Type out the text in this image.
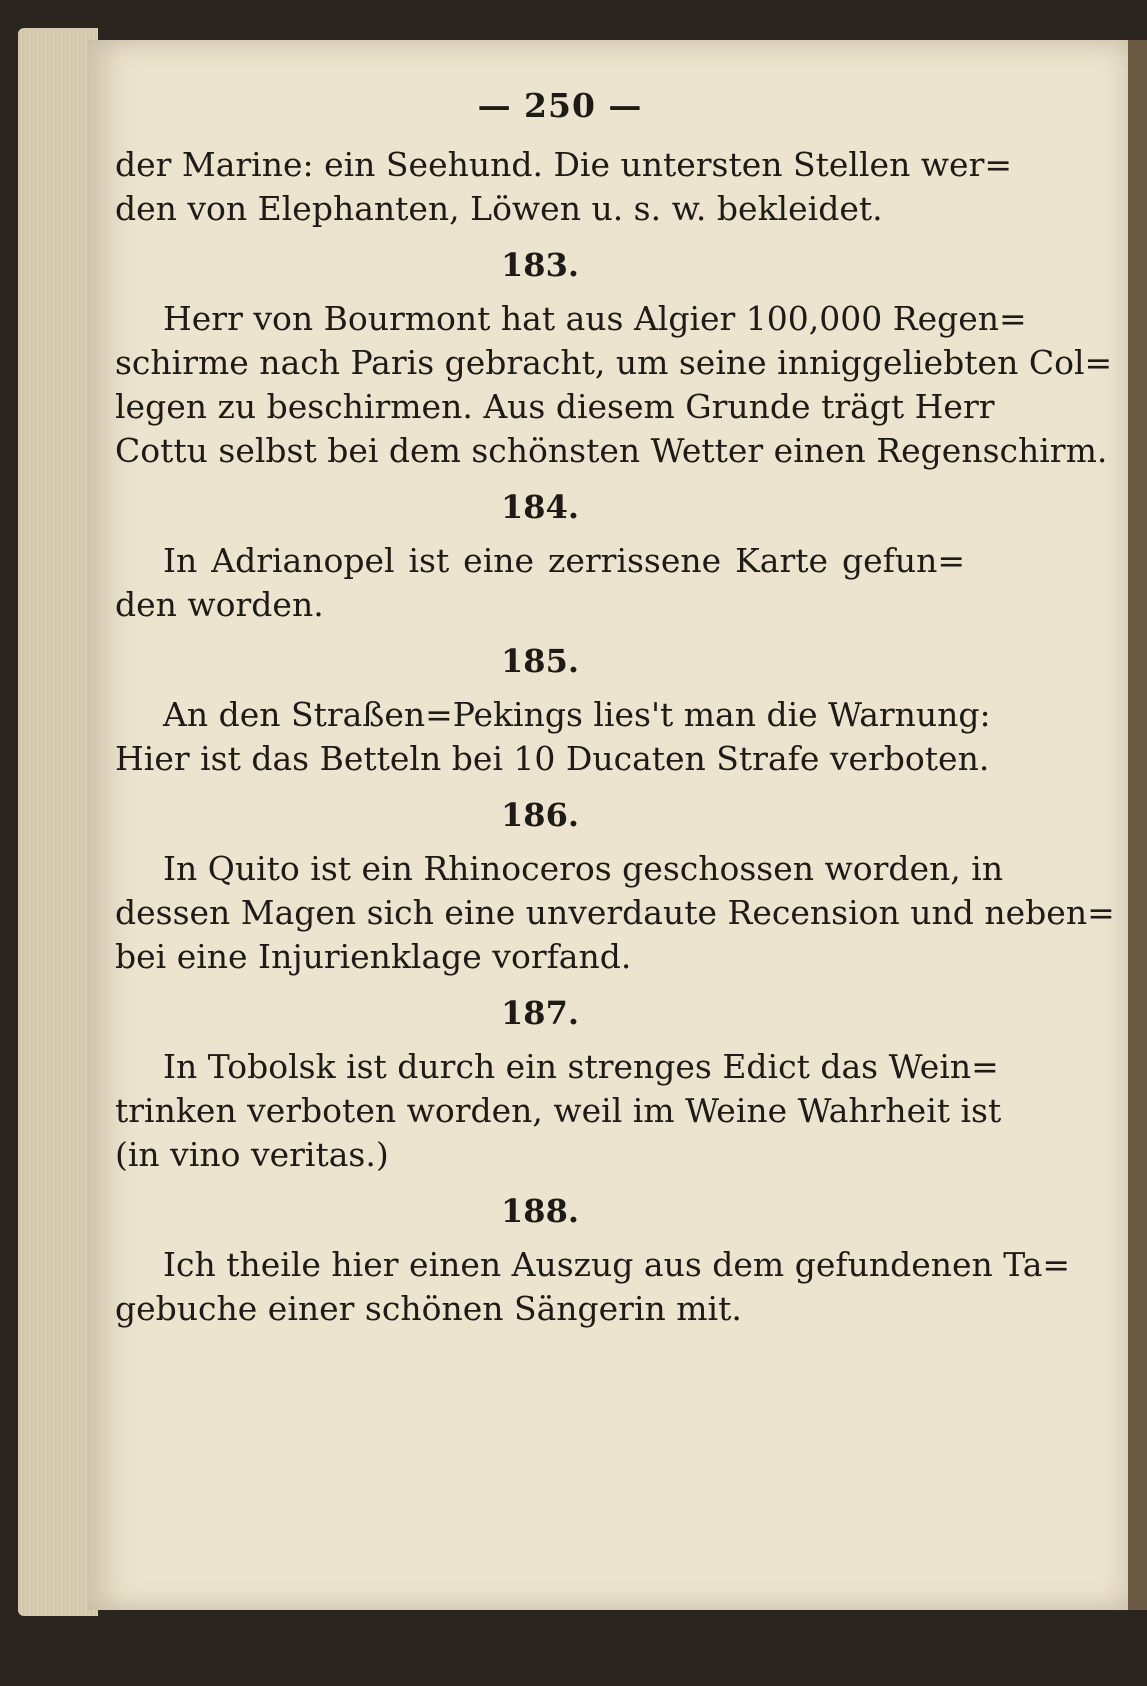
— 250 —

der Marine: ein Seehund. Die untersten Stellen wer=

den von Elephanten, Löwen u. s. w. bekleidet.

183.

Herr von Bourmont hat aus Algier 100,000 Regen=

schirme nach Paris gebracht, um seine inniggeliebten Col=

legen zu beschirmen. Aus diesem Grunde trägt Herr

Cottu selbst bei dem schönsten Wetter einen Regenschirm.

184.

In Adrianopel ist eine zerrissene Karte gefun=

den worden.

185.

An den Straßen=Pekings lies't man die Warnung:

Hier ist das Betteln bei 10 Ducaten Strafe verboten.

186.

In Quito ist ein Rhinoceros geschossen worden, in

dessen Magen sich eine unverdaute Recension und neben=

bei eine Injurienklage vorfand.

187.

In Tobolsk ist durch ein strenges Edict das Wein=

trinken verboten worden, weil im Weine Wahrheit ist

(in vino veritas.)

188.

Ich theile hier einen Auszug aus dem gefundenen Ta=

gebuche einer schönen Sängerin mit.
